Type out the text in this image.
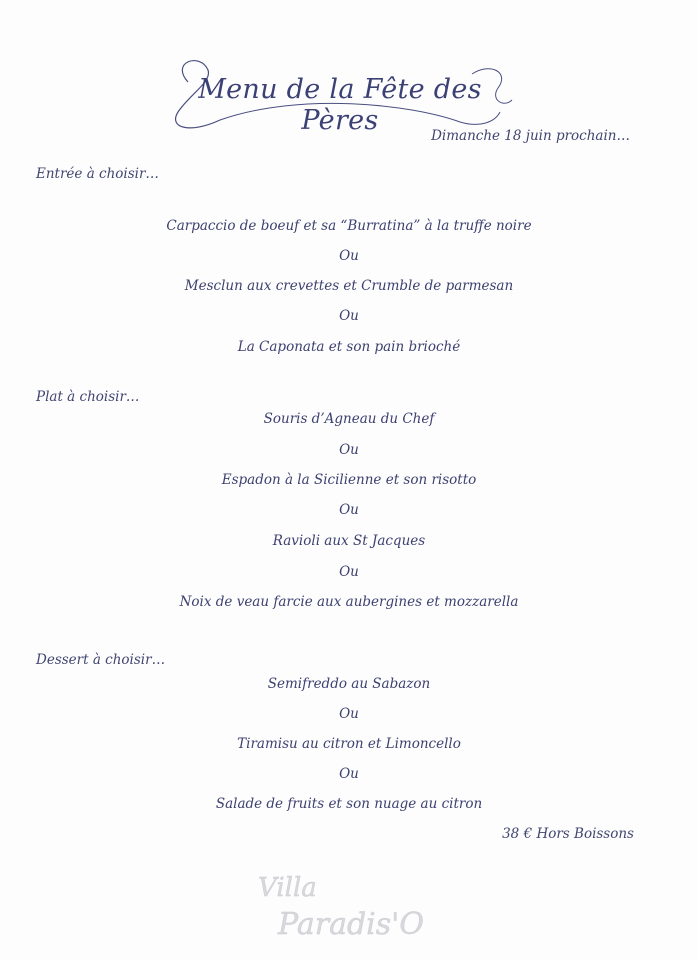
Menu de la Fête des Pères	Dimanche 18 juin prochain…
Entrée à choisir…
Carpaccio de boeuf et sa “Burratina” à la truffe noire
Ou
Mesclun aux crevettes et Crumble de parmesan
Ou
La Caponata et son pain brioché
Plat à choisir…
Souris d’Agneau du Chef
Ou
Espadon à la Sicilienne et son risotto
Ou
Ravioli aux St Jacques
Ou
Noix de veau farcie aux aubergines et mozzarella
Dessert à choisir…
Semifreddo au Sabazon
Ou
Tiramisu au citron et Limoncello
Ou
Salade de fruits et son nuage au citron
38 € Hors Boissons
Villa
Paradis'O
